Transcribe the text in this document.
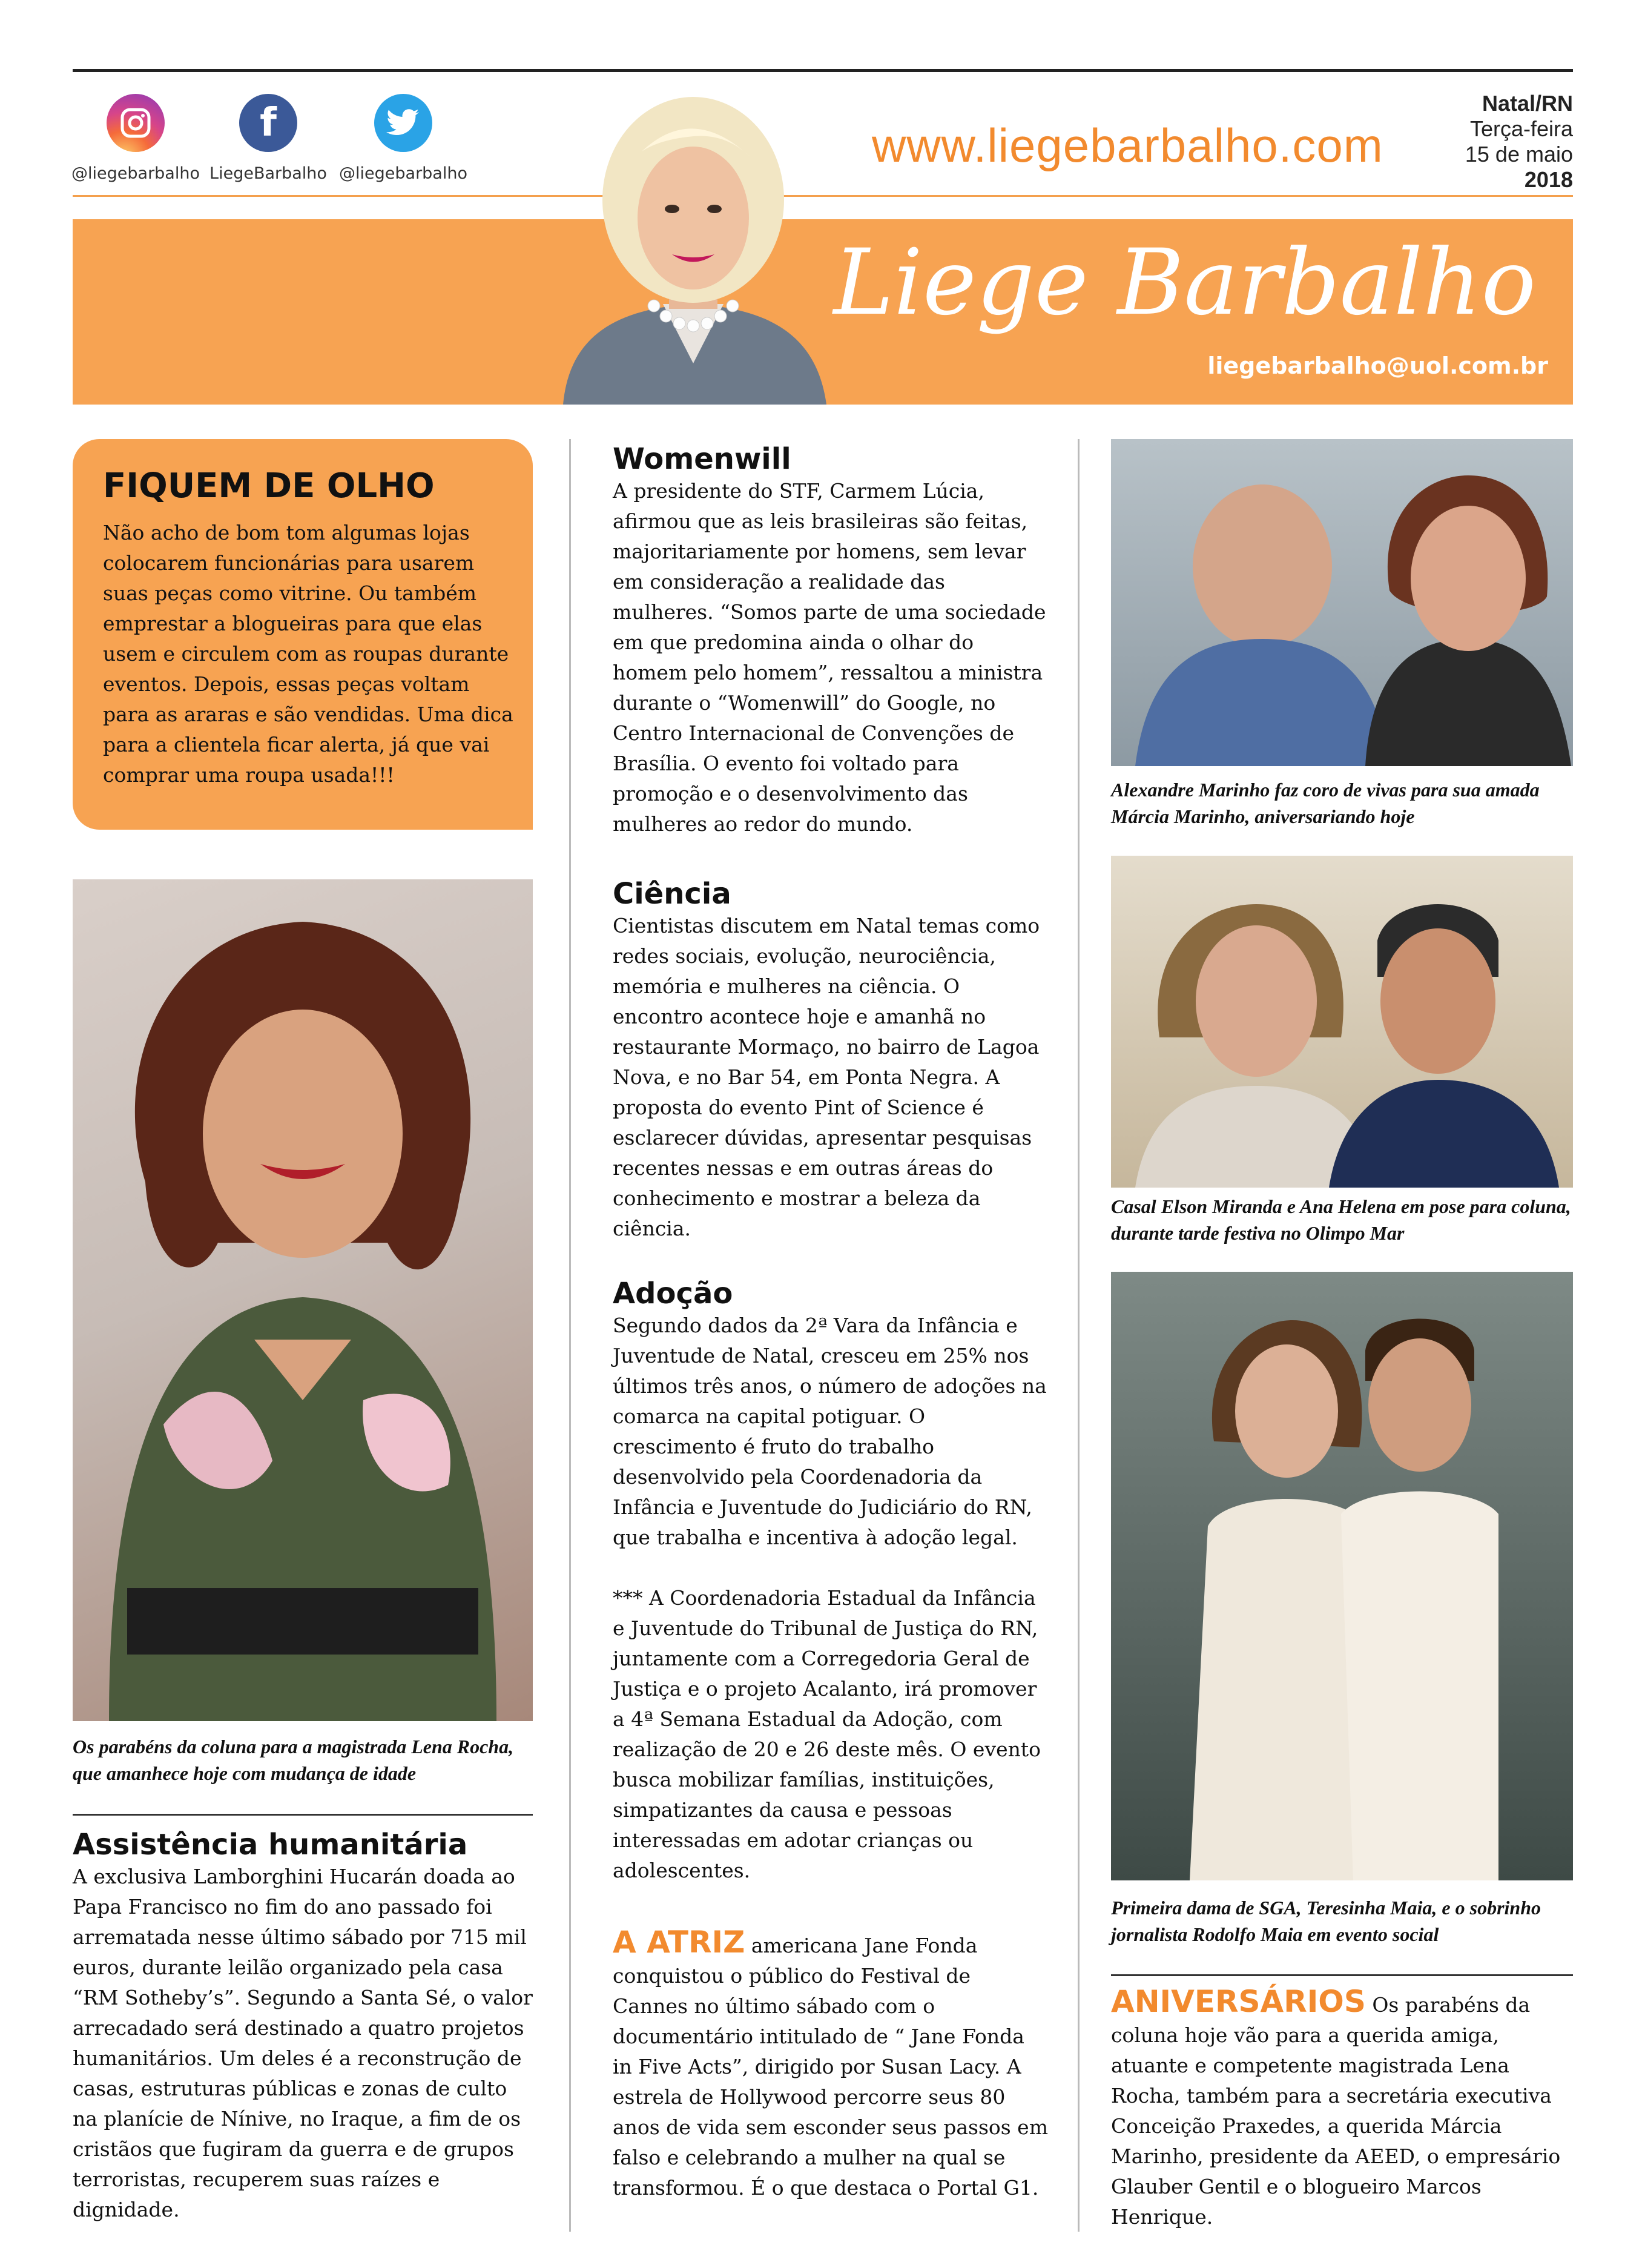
@liegebarbalho
f
LiegeBarbalho @liegebarbalho
www.liegebarbalho.com
Natal/RN
Terça-feira
15 de maio
2018
Liege Barbalho
liegebarbalho@uol.com.br
FIQUEM DE OLHO

Não acho de bom tom algumas lojas colocarem funcionárias para usarem suas peças como vitrine. Ou também emprestar a blogueiras para que elas usem e circulem com as roupas durante eventos. Depois, essas peças voltam para as araras e são vendidas. Uma dica para a clientela ficar alerta, já que vai comprar uma roupa usada!!!

Os parabéns da coluna para a magistrada Lena Rocha, que amanhece hoje com mudança de idade
Assistência humanitária

A exclusiva Lamborghini Hucarán doada ao Papa Francisco no fim do ano passado foi arrematada nesse último sábado por 715 mil euros, durante leilão organizado pela casa “RM Sotheby’s”. Segundo a Santa Sé, o valor arrecadado será destinado a quatro projetos humanitários. Um deles é a reconstrução de casas, estruturas públicas e zonas de culto na planície de Nínive, no Iraque, a fim de os cristãos que fugiram da guerra e de grupos terroristas, recuperem suas raízes e dignidade.

Womenwill

A presidente do STF, Carmem Lúcia, afirmou que as leis brasileiras são feitas, majoritariamente por homens, sem levar em consideração a realidade das mulheres. “Somos parte de uma sociedade em que predomina ainda o olhar do homem pelo homem”, ressaltou a ministra durante o “Womenwill” do Google, no Centro Internacional de Convenções de Brasília. O evento foi voltado para promoção e o desenvolvimento das mulheres ao redor do mundo.

Ciência

Cientistas discutem em Natal temas como redes sociais, evolução, neurociência, memória e mulheres na ciência. O encontro acontece hoje e amanhã no restaurante Mormaço, no bairro de Lagoa Nova, e no Bar 54, em Ponta Negra. A proposta do evento Pint of Science é esclarecer dúvidas, apresentar pesquisas recentes nessas e em outras áreas do conhecimento e mostrar a beleza da ciência.

Adoção

Segundo dados da 2ª Vara da Infância e Juventude de Natal, cresceu em 25% nos últimos três anos, o número de adoções na comarca na capital potiguar. O crescimento é fruto do trabalho desenvolvido pela Coordenadoria da Infância e Juventude do Judiciário do RN, que trabalha e incentiva à adoção legal.

*** A Coordenadoria Estadual da Infância e Juventude do Tribunal de Justiça do RN, juntamente com a Corregedoria Geral de Justiça e o projeto Acalanto, irá promover a 4ª Semana Estadual da Adoção, com realização de 20 e 26 deste mês. O evento busca mobilizar famílias, instituições, simpatizantes da causa e pessoas interessadas em adotar crianças ou adolescentes.

A ATRIZ americana Jane Fonda conquistou o público do Festival de Cannes no último sábado com o documentário intitulado de “ Jane Fonda in Five Acts”, dirigido por Susan Lacy. A estrela de Hollywood percorre seus 80 anos de vida sem esconder seus passos em falso e celebrando a mulher na qual se transformou. É o que destaca o Portal G1.

Alexandre Marinho faz coro de vivas para sua amada Márcia Marinho, aniversariando hoje
Casal Elson Miranda e Ana Helena em pose para coluna, durante tarde festiva no Olimpo Mar
Primeira dama de SGA, Teresinha Maia, e o sobrinho jornalista Rodolfo Maia em evento social

ANIVERSÁRIOS Os parabéns da coluna hoje vão para a querida amiga, atuante e competente magistrada Lena Rocha, também para a secretária executiva Conceição Praxedes, a querida Márcia Marinho, presidente da AEED, o empresário Glauber Gentil e o blogueiro Marcos Henrique.
